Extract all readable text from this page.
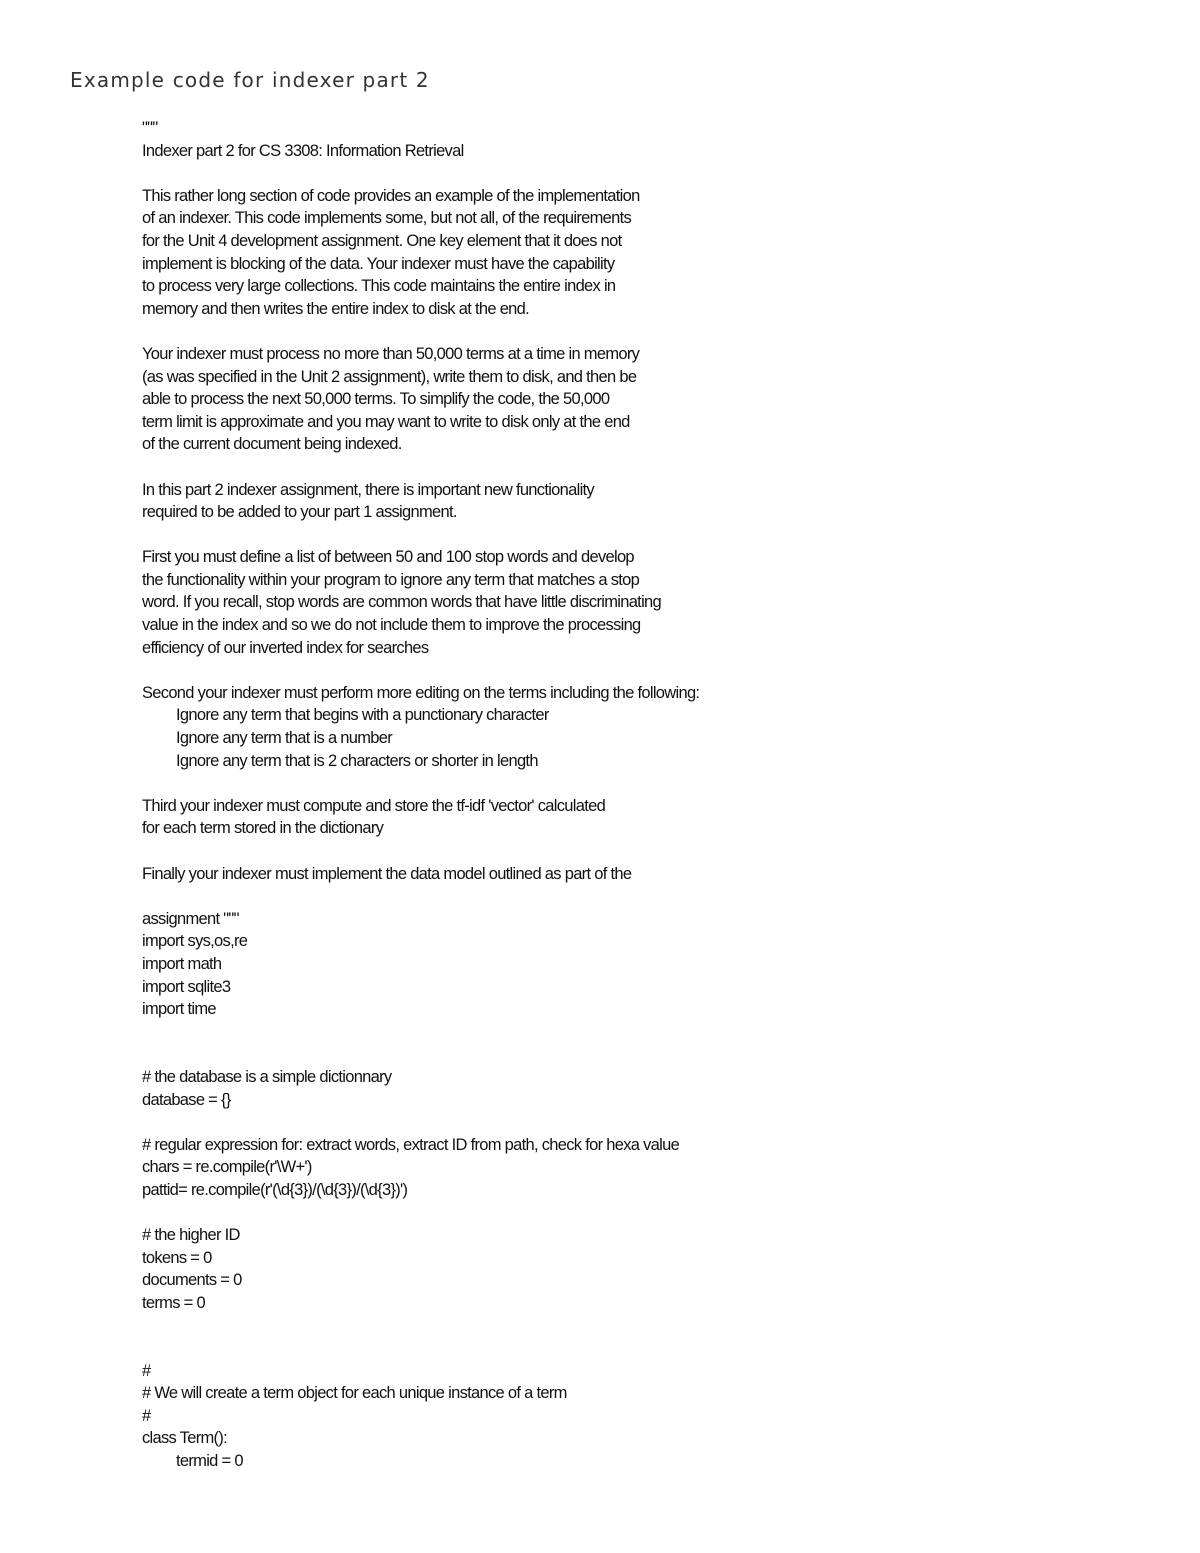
Example code for indexer part 2
"""
Indexer part 2 for CS 3308: Information Retrieval
This rather long section of code provides an example of the implementation
of an indexer. This code implements some, but not all, of the requirements
for the Unit 4 development assignment. One key element that it does not
implement is blocking of the data. Your indexer must have the capability
to process very large collections. This code maintains the entire index in
memory and then writes the entire index to disk at the end.
Your indexer must process no more than 50,000 terms at a time in memory
(as was specified in the Unit 2 assignment), write them to disk, and then be
able to process the next 50,000 terms. To simplify the code, the 50,000
term limit is approximate and you may want to write to disk only at the end
of the current document being indexed.
In this part 2 indexer assignment, there is important new functionality
required to be added to your part 1 assignment.
First you must define a list of between 50 and 100 stop words and develop
the functionality within your program to ignore any term that matches a stop
word. If you recall, stop words are common words that have little discriminating
value in the index and so we do not include them to improve the processing
efficiency of our inverted index for searches
Second your indexer must perform more editing on the terms including the following:
Ignore any term that begins with a punctionary character
Ignore any term that is a number
Ignore any term that is 2 characters or shorter in length
Third your indexer must compute and store the tf-idf 'vector' calculated
for each term stored in the dictionary
Finally your indexer must implement the data model outlined as part of the
assignment """
import sys,os,re
import math
import sqlite3
import time
# the database is a simple dictionnary
database = {}
# regular expression for: extract words, extract ID from path, check for hexa value
chars = re.compile(r'\W+')
pattid= re.compile(r'(\d{3})/(\d{3})/(\d{3})')
# the higher ID
tokens = 0
documents = 0
terms = 0
#
# We will create a term object for each unique instance of a term
#
class Term():
termid = 0
